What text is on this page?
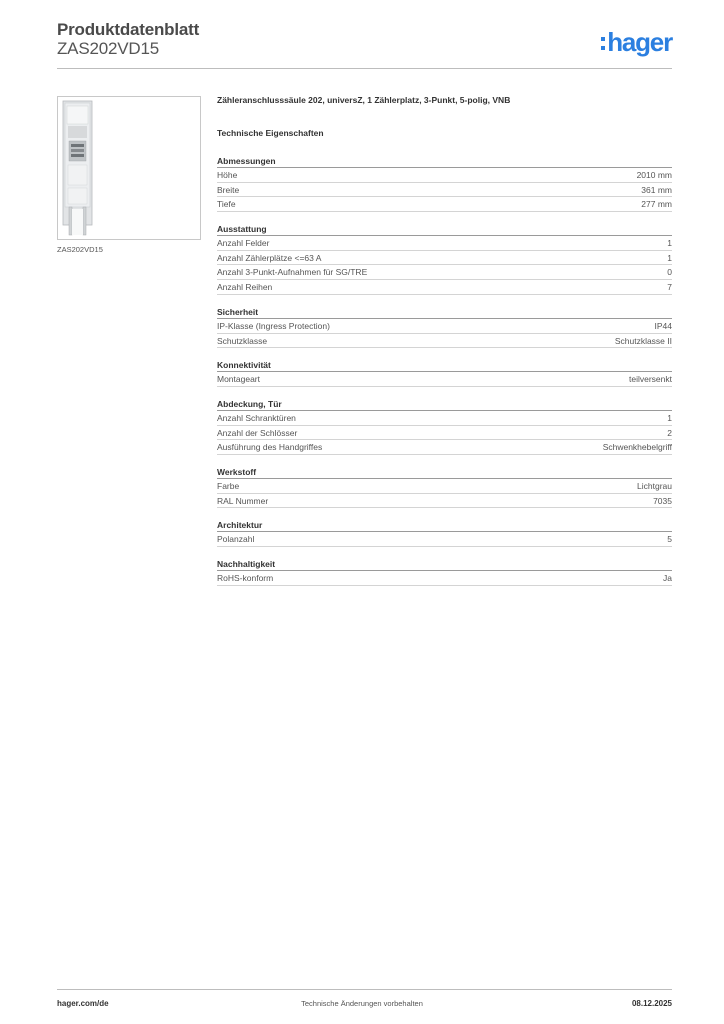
Produktdatenblatt
ZAS202VD15	hager
ZAS202VD15
Zähleranschlusssäule 202, universZ, 1 Zählerplatz, 3-Punkt, 5-polig, VNB
Technische Eigenschaften
Abmessungen
Höhe	2010 mm
Breite	361 mm
Tiefe	277 mm
Ausstattung
Anzahl Felder	1
Anzahl Zählerplätze <=63 A	1
Anzahl 3-Punkt-Aufnahmen für SG/TRE	0
Anzahl Reihen	7
Sicherheit
IP-Klasse (Ingress Protection)	IP44
Schutzklasse	Schutzklasse II
Konnektivität
Montageart	teilversenkt
Abdeckung, Tür
Anzahl Schranktüren	1
Anzahl der Schlösser	2
Ausführung des Handgriffes	Schwenkhebelgriff
Werkstoff
Farbe	Lichtgrau
RAL Nummer	7035
Architektur
Polanzahl	5
Nachhaltigkeit
RoHS-konform	Ja
hager.com/de	Technische Änderungen vorbehalten	08.12.2025
